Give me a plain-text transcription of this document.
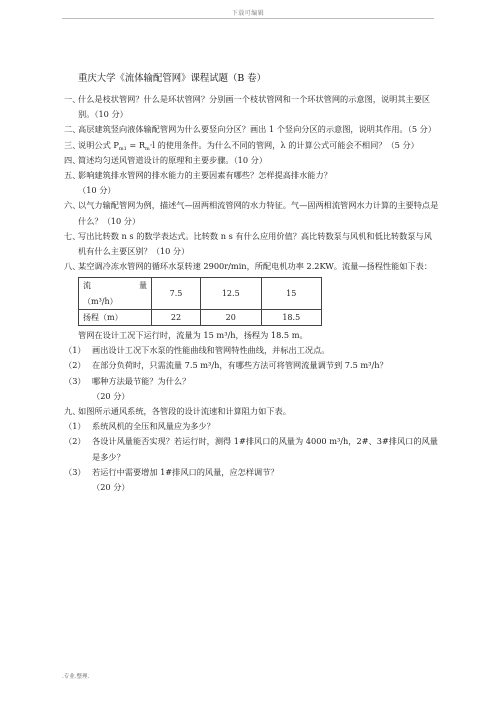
下载可编辑
重庆大学《流体输配管网》课程试题（B 卷）
一、
什么是枝状管网？什么是环状管网？分别画一个枝状管网和一个环状管网的示意图，说明其主要区别。（10 分）
二、
高层建筑竖向液体输配管网为什么要竖向分区？画出 1 个竖向分区的示意图，说明其作用。（5 分）
三、
说明公式 $P_{m1} = R_m\cdot l$ 的使用条件。为什么不同的管网，λ 的计算公式可能会不相同？（5 分）
四、
简述均匀送风管道设计的原理和主要步骤。（10 分）
五、
影响建筑排水管网的排水能力的主要因素有哪些？怎样提高排水能力？
（10 分）
六、
以气力输配管网为例，描述气—固两相流管网的水力特征。气—固两相流管网水力计算的主要特点是什么？（10 分）
七、
写出比转数 n s 的数学表达式。比转数 n s 有什么应用价值？高比转数泵与风机和低比转数泵与风机有什么主要区别？（10 分）
八、
某空调冷冻水管网的循环水泵转速 2900r/min，所配电机功率 2.2KW。流量—扬程性能如下表：
流 量
（m³/h）	7.5	12.5	15
扬程（m）	22	20	18.5
管网在设计工况下运行时，流量为 15 m³/h，扬程为 18.5 m。
（1） 画出设计工况下水泵的性能曲线和管网特性曲线，并标出工况点。
（2） 在部分负荷时，只需流量 7.5 m³/h，有哪些方法可将管网流量调节到 7.5 m³/h？
（3） 哪种方法最节能？为什么？
（20 分）
九、
如图所示通风系统，各管段的设计流速和计算阻力如下表。
（1） 系统风机的全压和风量应为多少？
（2） 各设计风量能否实现？若运行时，测得 1#排风口的风量为 4000 m³/h，2#、3#排风口的风量是多少？
（3） 若运行中需要增加 1#排风口的风量，应怎样调节？
（20 分）
.专业.整理.
